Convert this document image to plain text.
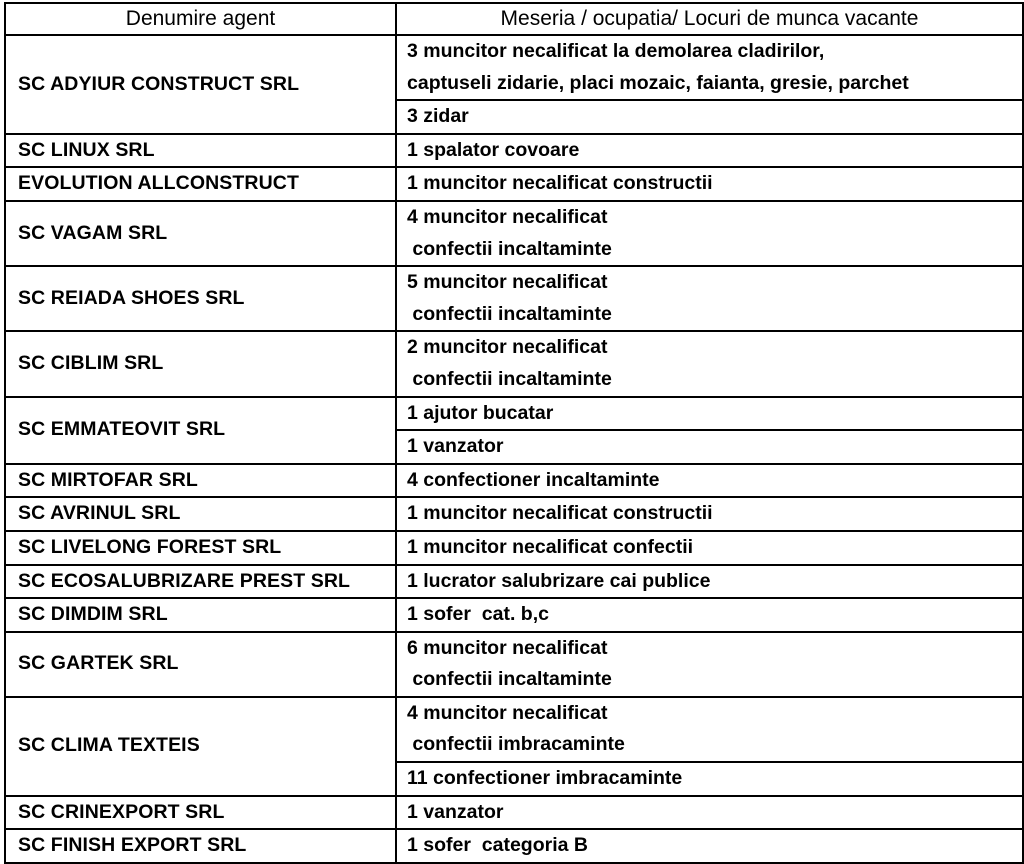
Denumire agent	Meseria / ocupatia/ Locuri de munca vacante
SC ADYIUR CONSTRUCT SRL	3 muncitor necalificat la demolarea cladirilor,
captuseli zidarie, placi mozaic, faianta, gresie, parchet
	3 zidar
SC LINUX SRL	1 spalator covoare
EVOLUTION ALLCONSTRUCT	1 muncitor necalificat constructii
SC VAGAM SRL	4 muncitor necalificat
confectii incaltaminte
SC REIADA SHOES SRL	5 muncitor necalificat
confectii incaltaminte
SC CIBLIM SRL	2 muncitor necalificat
confectii incaltaminte
SC EMMATEOVIT SRL	1 ajutor bucatar
	1 vanzator
SC MIRTOFAR SRL	4 confectioner incaltaminte
SC AVRINUL SRL	1 muncitor necalificat constructii
SC LIVELONG FOREST SRL	1 muncitor necalificat confectii
SC ECOSALUBRIZARE PREST SRL	1 lucrator salubrizare cai publice
SC DIMDIM SRL	1 sofer  cat. b,c
SC GARTEK SRL	6 muncitor necalificat
confectii incaltaminte
SC CLIMA TEXTEIS	4 muncitor necalificat
confectii imbracaminte
	11 confectioner imbracaminte
SC CRINEXPORT SRL	1 vanzator
SC FINISH EXPORT SRL	1 sofer  categoria B
